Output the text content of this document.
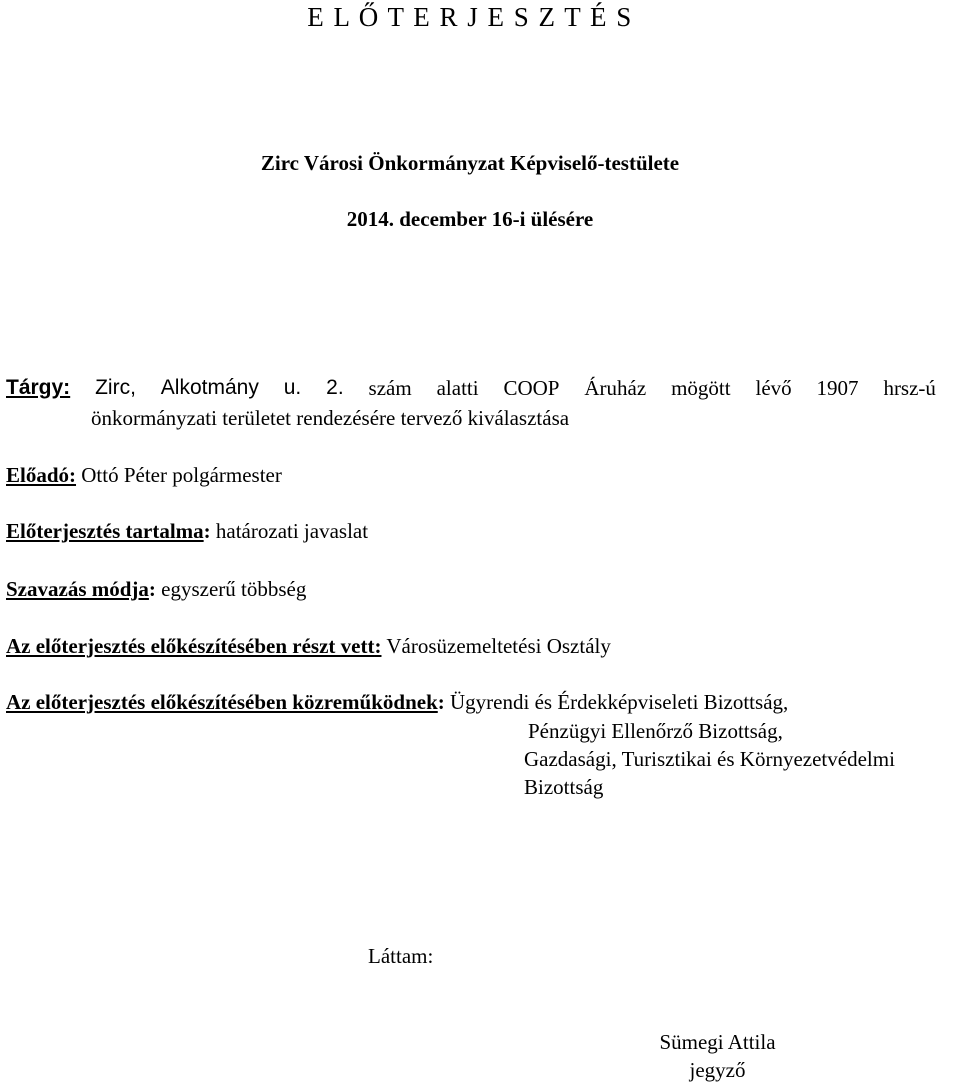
E L Ő T E R J E S Z T É S
Zirc Városi Önkormányzat Képviselő-testülete
2014. december 16-i ülésére
Tárgy: Zirc, Alkotmány u. 2. szám alatti COOP Áruház mögött lévő 1907 hrsz-ú
önkormányzati területet rendezésére tervező kiválasztása
Előadó: Ottó Péter polgármester
Előterjesztés tartalma: határozati javaslat
Szavazás módja: egyszerű többség
Az előterjesztés előkészítésében részt vett: Városüzemeltetési Osztály
Az előterjesztés előkészítésében közreműködnek: Ügyrendi és Érdekképviseleti Bizottság,
Pénzügyi Ellenőrző Bizottság,
Gazdasági, Turisztikai és Környezetvédelmi
Bizottság
Láttam:
Sümegi Attila
jegyző
